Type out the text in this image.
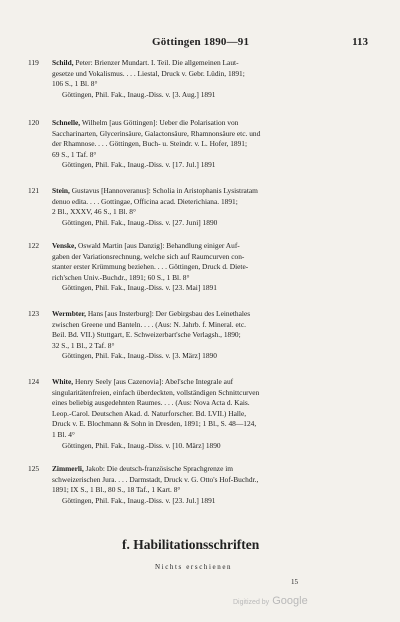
Göttingen 1890—91	113
119	Schild, Peter: Brienzer Mundart. I. Teil. Die allgemeinen Laut-
gesetze und Vokalismus. . . . Liestal, Druck v. Gebr. Lüdin, 1891;
106 S., 1 Bl. 8°
Göttingen, Phil. Fak., Inaug.-Diss. v. [3. Aug.] 1891
120	Schnelle, Wilhelm [aus Göttingen]: Ueber die Polarisation von
Saccharinarten, Glycerinsäure, Galactonsäure, Rhamnonsäure etc. und
der Rhamnose. . . . Göttingen, Buch- u. Steindr. v. L. Hofer, 1891;
69 S., 1 Taf. 8°
Göttingen, Phil. Fak., Inaug.-Diss. v. [17. Jul.] 1891
121	Stein, Gustavus [Hannoveranus]: Scholia in Aristophanis Lysistratam
denuo edita. . . . Gottingae, Officina acad. Dieterichiana. 1891;
2 Bl., XXXV, 46 S., 1 Bl. 8°
Göttingen, Phil. Fak., Inaug.-Diss. v. [27. Juni] 1890
122	Venske, Oswald Martin [aus Danzig]: Behandlung einiger Auf-
gaben der Variationsrechnung, welche sich auf Raumcurven con-
stanter erster Krümmung beziehen. . . . Göttingen, Druck d. Diete-
rich'schen Univ.-Buchdr., 1891; 60 S., 1 Bl. 8°
Göttingen, Phil. Fak., Inaug.-Diss. v. [23. Mai] 1891
123	Wermbter, Hans [aus Insterburg]: Der Gebirgsbau des Leinethales
zwischen Greene und Banteln. . . . (Aus: N. Jahrb. f. Mineral. etc.
Beil. Bd. VII.) Stuttgart, E. Schweizerbart'sche Verlagsh., 1890;
32 S., 1 Bl., 2 Taf. 8°
Göttingen, Phil. Fak., Inaug.-Diss. v. [3. März] 1890
124	White, Henry Seely [aus Cazenovia]: Abel'sche Integrale auf
singularitätenfreien, einfach überdeckten, vollständigen Schnittcurven
eines beliebig ausgedehnten Raumes. . . . (Aus: Nova Acta d. Kais.
Leop.-Carol. Deutschen Akad. d. Naturforscher. Bd. LVII.) Halle,
Druck v. E. Blochmann & Sohn in Dresden, 1891; 1 Bl., S. 48—124,
1 Bl. 4°
Göttingen, Phil. Fak., Inaug.-Diss. v. [10. März] 1890
125	Zimmerli, Jakob: Die deutsch-französische Sprachgrenze im
schweizerischen Jura. . . . Darmstadt, Druck v. G. Otto's Hof-Buchdr.,
1891; IX S., 1 Bl., 80 S., 18 Taf., 1 Kart. 8°
Göttingen, Phil. Fak., Inaug.-Diss. v. [23. Jul.] 1891
f. Habilitationsschriften
Nichts erschienen
15
Digitized by Google
